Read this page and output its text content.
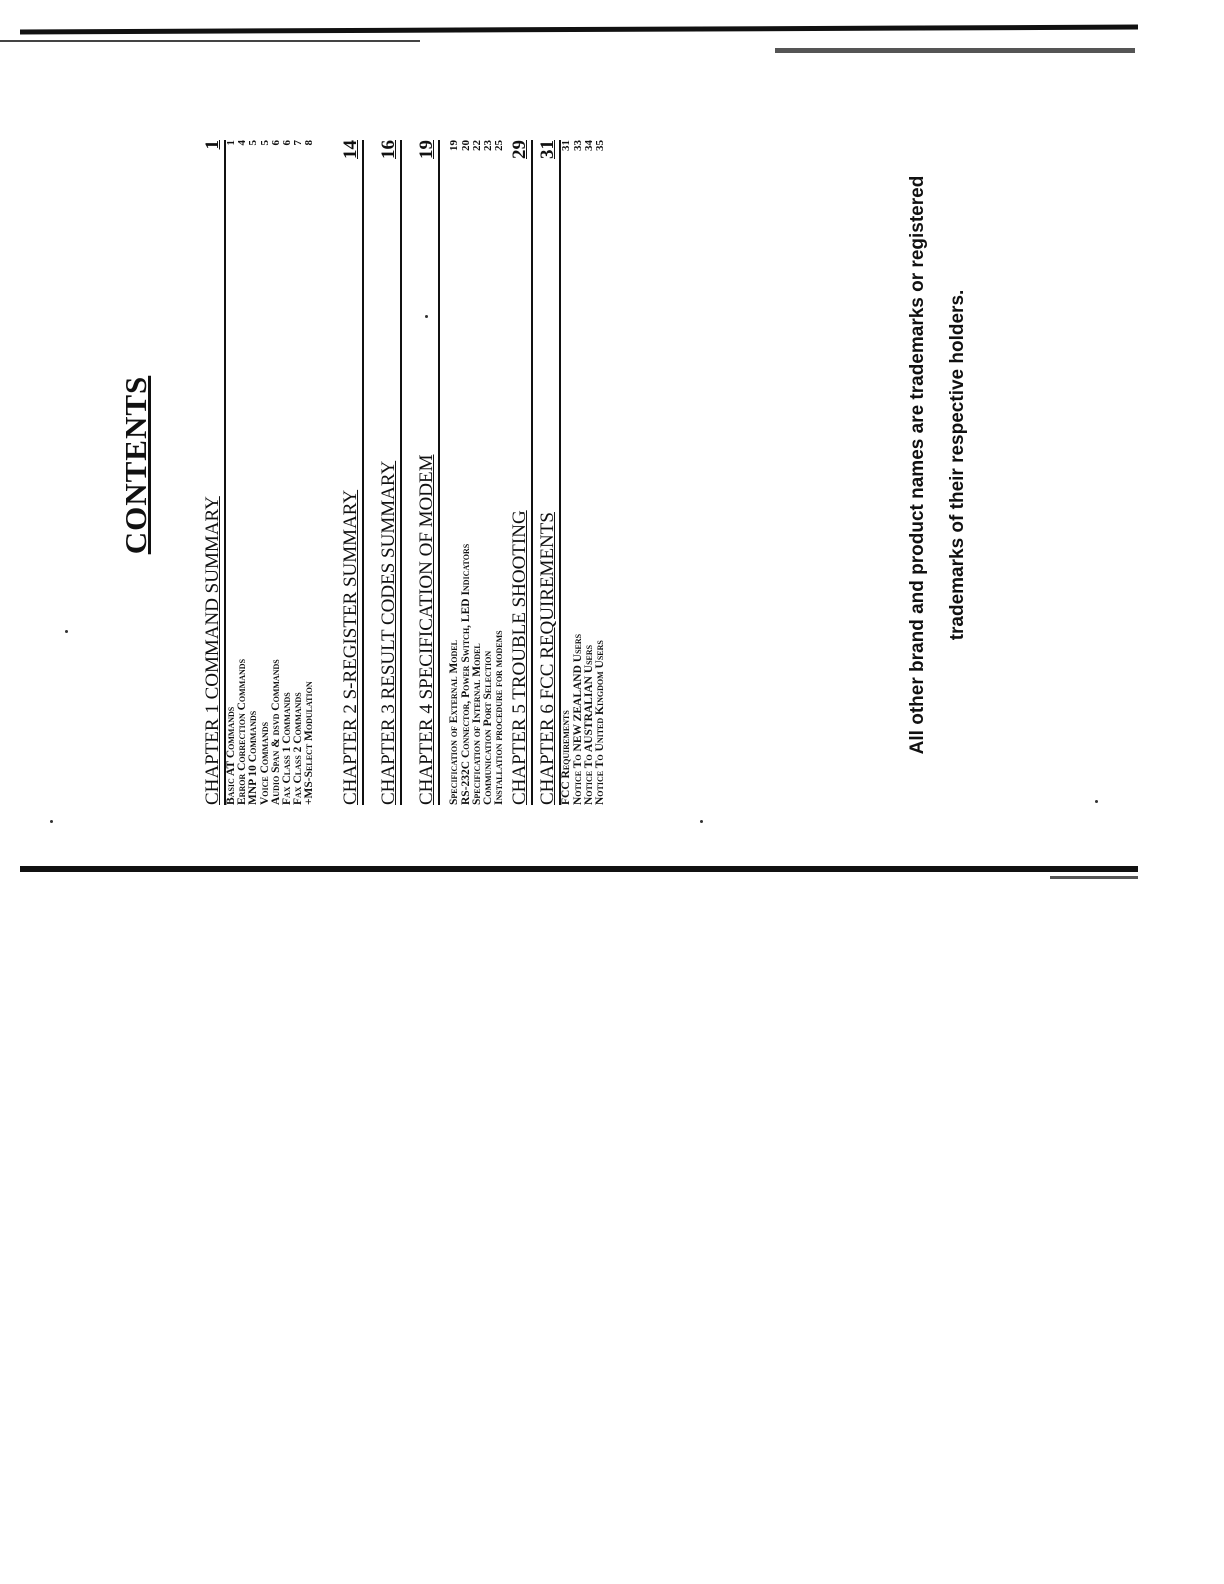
CONTENTS
CHAPTER 1 COMMAND SUMMARY
1
Basic AT Commands
1
Error Correction Commands
4
MNP 10 Commands
5
Voice Commands
5
Audio Span & dsvd Commands
6
Fax Class 1 Commands
6
Fax Class 2 Commands
7
+MS-Select Modulation
8
CHAPTER 2 S-REGISTER SUMMARY
14
CHAPTER 3 RESULT CODES SUMMARY
16
CHAPTER 4 SPECIFICATION OF MODEM
19
Specification of External Model
19
RS-232C Connector, Power Switch, LED Indicators
20
Specification of Internal Model
22
Communication Port Selection
23
Installation procedure for modems
25
CHAPTER 5 TROUBLE SHOOTING
29
CHAPTER 6 FCC REQUIREMENTS
31
FCC Requirements
31
Notice To NEW ZEALAND Users
33
Notice To AUSTRALIAN Users
34
Notice To United Kingdom Users
35
All other brand and product names are trademarks or registered	trademarks of their respective holders.
